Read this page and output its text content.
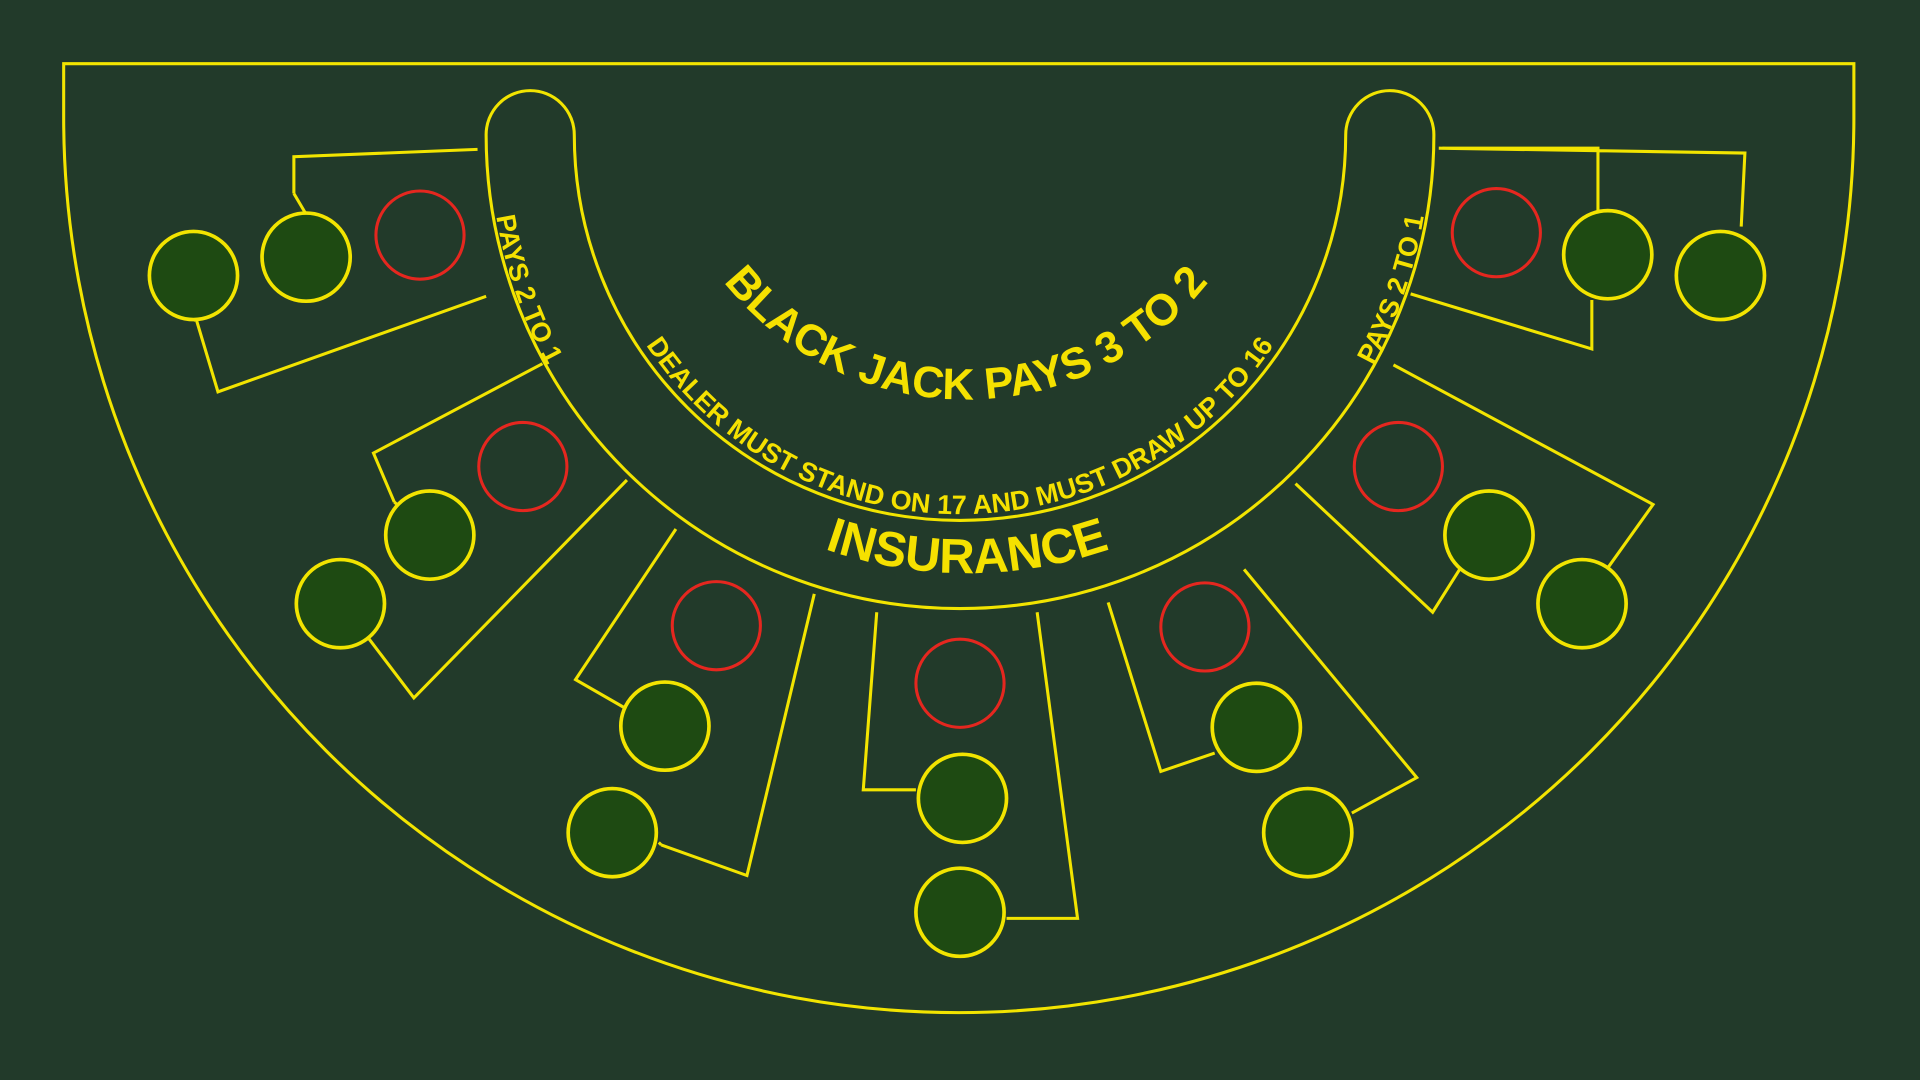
BLACK JACK PAYS 3 TO 2
DEALER MUST STAND ON 17 AND MUST DRAW UP TO 16
INSURANCE
PAYS 2 TO 1	PAYS 2 TO 1
